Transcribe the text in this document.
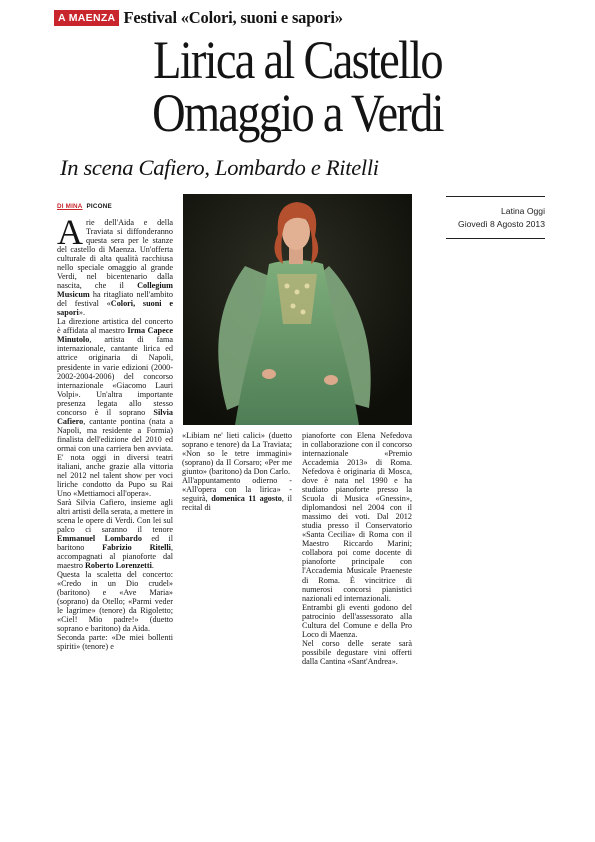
A MAENZA Festival «Colori, suoni e sapori»
Lirica al Castello
Omaggio a Verdi
In scena Cafiero, Lombardo e Ritelli
Latina Oggi
Giovedì 8 Agosto 2013
DI MINA PICONE

Arie dell'Aida e della Traviata si diffonderanno questa sera per le stanze del castello di Maenza. Un'offerta culturale di alta qualità racchiusa nello speciale omaggio al grande Verdi, nel bicentenario dalla nascita, che il Collegium Musicum ha ritagliato nell'ambito del festival «Colori, suoni e sapori».

La direzione artistica del concerto è affidata al maestro Irma Capece Minutolo, artista di fama internazionale, cantante lirica ed attrice originaria di Napoli, presidente in varie edizioni (2000-2002-2004-2006) del concorso internazionale «Giacomo Lauri Volpi». Un'altra importante presenza legata allo stesso concorso è il soprano Silvia Cafiero, cantante pontina (nata a Napoli, ma residente a Formia) finalista dell'edizione del 2010 ed ormai con una carriera ben avviata. E' nota oggi in diversi teatri italiani, anche grazie alla vittoria nel 2012 nel talent show per voci liriche condotto da Pupo su Rai Uno «Mettiamoci all'opera».

Sarà Silvia Cafiero, insieme agli altri artisti della serata, a mettere in scena le opere di Verdi. Con lei sul palco ci saranno il tenore Emmanuel Lombardo ed il baritono Fabrizio Ritelli, accompagnati al pianoforte dal maestro Roberto Lorenzetti.

Questa la scaletta del concerto: «Credo in un Dio crudel» (baritono) e «Ave Maria» (soprano) da Otello; «Parmi veder le lagrime» (tenore) da Rigoletto; «Ciel! Mio padre!» (duetto soprano e baritono) da Aida.

Seconda parte: «De miei bollenti spiriti» (tenore) e

«Libiam ne' lieti calici» (duetto soprano e tenore) da La Traviata; «Non so le tetre immagini» (soprano) da Il Corsaro; «Per me giunto» (baritono) da Don Carlo.

All'appuntamento odierno - «All'opera con la lirica» - seguirà, domenica 11 agosto, il recital di

pianoforte con Elena Nefedova in collaborazione con il concorso internazionale «Premio Accademia 2013» di Roma. Nefedova è originaria di Mosca, dove è nata nel 1990 e ha studiato pianoforte presso la Scuola di Musica «Gnessin», diplomandosi nel 2004 con il massimo dei voti. Dal 2012 studia presso il Conservatorio «Santa Cecilia» di Roma con il Maestro Riccardo Marini; collabora poi come docente di pianoforte principale con l'Accademia Musicale Praeneste di Roma. È vincitrice di numerosi concorsi pianistici nazionali ed internazionali.

Entrambi gli eventi godono del patrocinio dell'assessorato alla Cultura del Comune e della Pro Loco di Maenza.

Nel corso delle serate sarà possibile degustare vini offerti dalla Cantina «Sant'Andrea».
